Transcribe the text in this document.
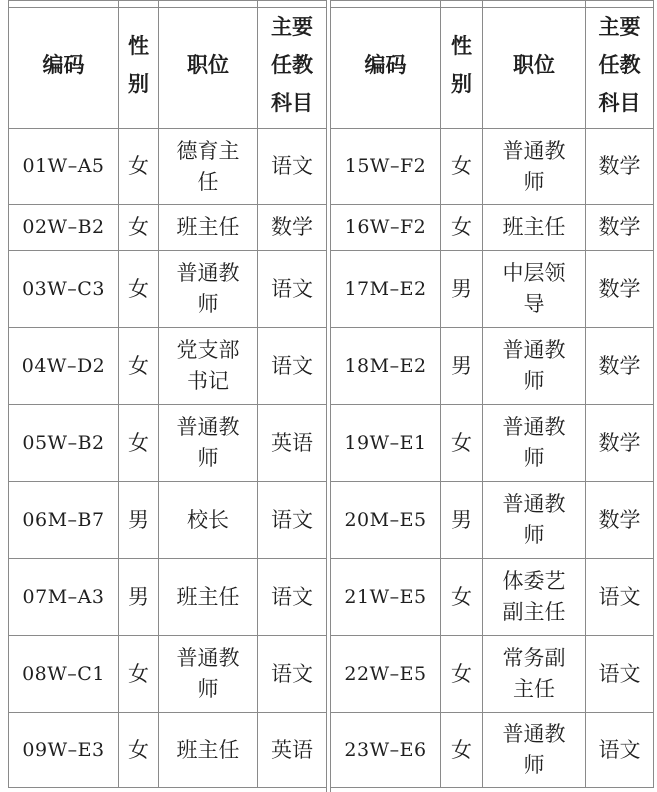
编码	性别	职位	主要任教科目

01W–A5	女	德育主任	语文
02W–B2	女	班主任	数学
03W–C3	女	普通教师	语文
04W–D2	女	党支部书记	语文
05W–B2	女	普通教师	英语
06M–B7	男	校长	语文
07M–A3	男	班主任	语文
08W–C1	女	普通教师	语文
09W–E3	女	班主任	英语
编码	性别	职位	主要任教科目

15W–F2	女	普通教师	数学
16W–F2	女	班主任	数学
17M–E2	男	中层领导	数学
18M–E2	男	普通教师	数学
19W–E1	女	普通教师	数学
20M–E5	男	普通教师	数学
21W–E5	女	体委艺副主任	语文
22W–E5	女	常务副主任	语文
23W–E6	女	普通教师	语文
